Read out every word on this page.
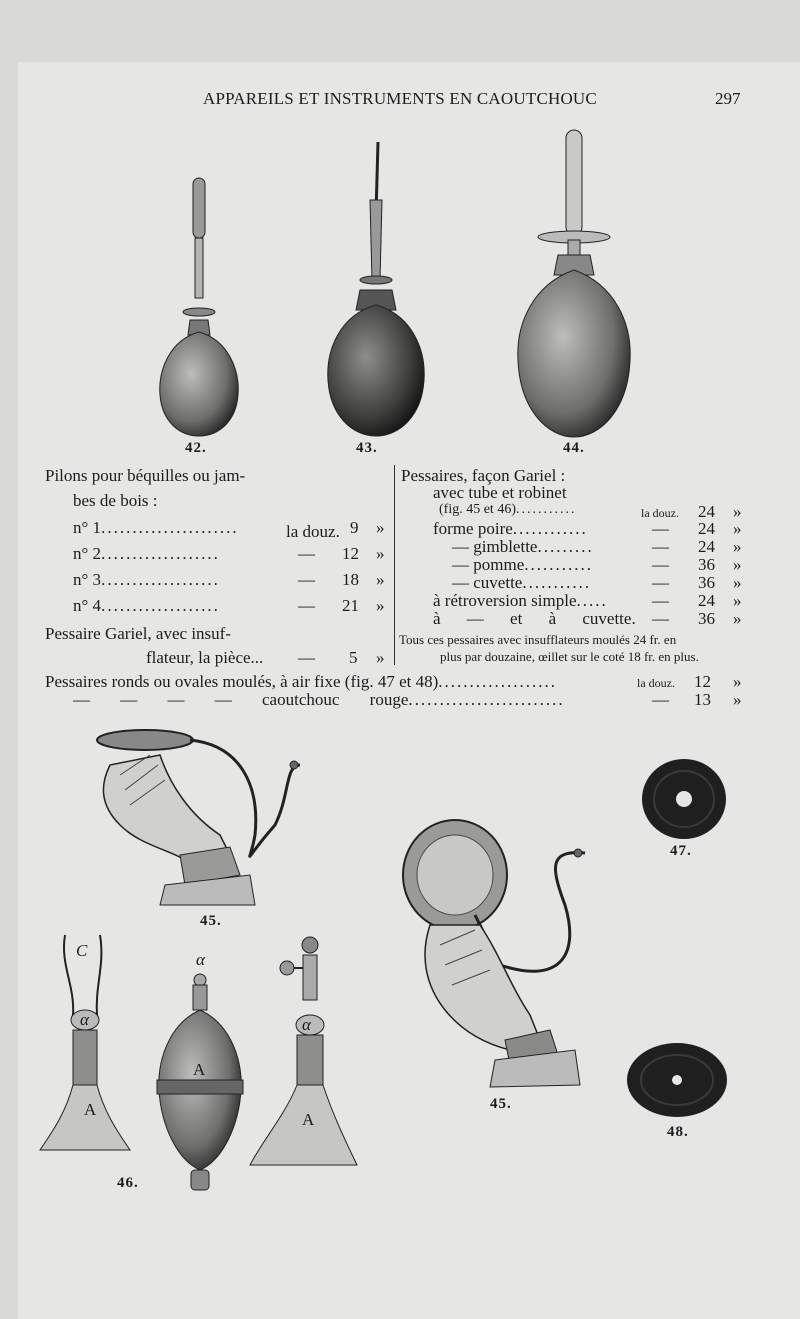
APPAREILS ET INSTRUMENTS EN CAOUTCHOUC	297
42.	43.	44.
Pilons pour béquilles ou jam-
bes de bois :
n° 1......................	la douz. 9 »
n° 2...................	— 12 »
n° 3...................	— 18 »
n° 4...................	— 21 »
Pessaire Gariel, avec insuf-
flateur, la pièce... — 5 »
Pessaires, façon Gariel :
avec tube et robinet
(fig. 45 et 46)...........	la douz. 24 »
forme poire............	— 24 »
— gimblette.........	— 24 »
— pomme...........	— 36 »
— cuvette...........	— 36 »
à rétroversion simple.....	— 24 »
à — et à cuvette. — 36 »
Tous ces pessaires avec insufflateurs moulés 24 fr. en
plus par douzaine, œillet sur le coté 18 fr. en plus.
Pessaires ronds ou ovales moulés, à air fixe (fig. 47 et 48)...................	la douz. 12 »
— — — — caoutchouc rouge.........................	— 13 »
45.
47.
45.
48.
C
α
A
α
A
α
A
46.
